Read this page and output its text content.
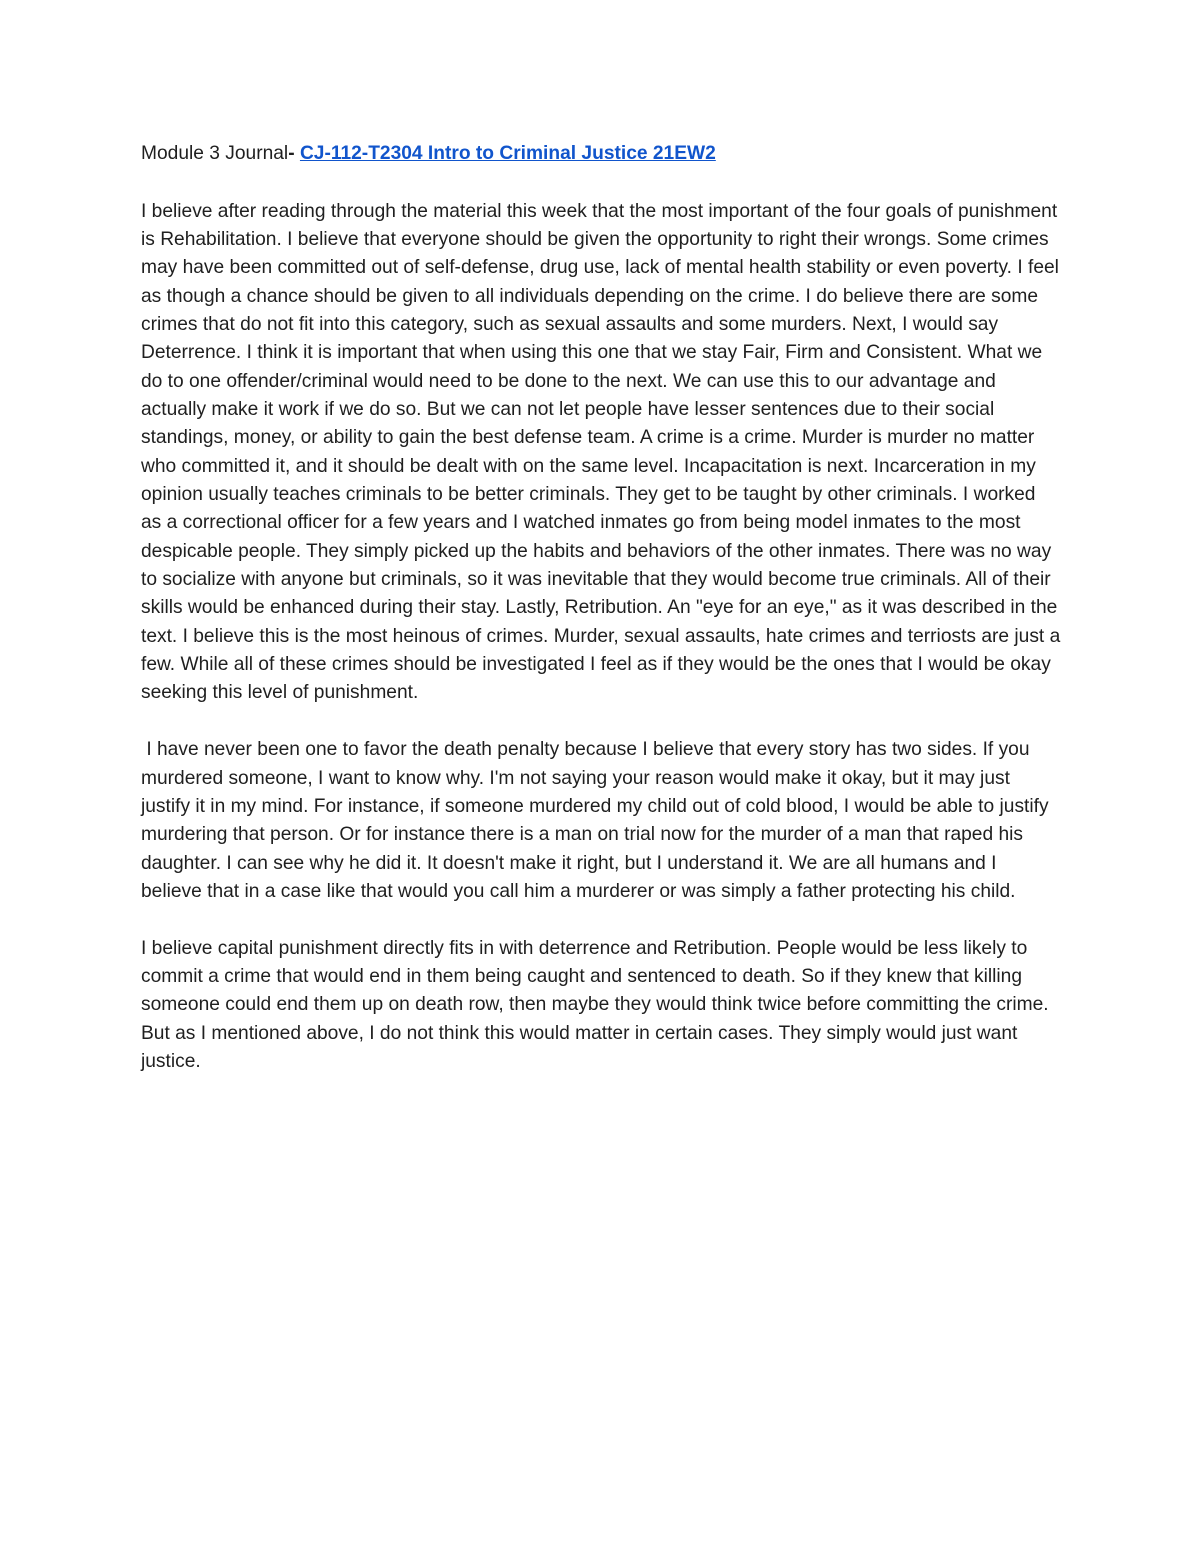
Module 3 Journal- CJ-112-T2304 Intro to Criminal Justice 21EW2

I believe after reading through the material this week that the most important of the four goals of punishment is Rehabilitation. I believe that everyone should be given the opportunity to right their wrongs. Some crimes may have been committed out of self-defense, drug use, lack of mental health stability or even poverty. I feel as though a chance should be given to all individuals depending on the crime. I do believe there are some crimes that do not fit into this category, such as sexual assaults and some murders. Next, I would say Deterrence. I think it is important that when using this one that we stay Fair, Firm and Consistent. What we do to one offender/criminal would need to be done to the next. We can use this to our advantage and actually make it work if we do so. But we can not let people have lesser sentences due to their social standings, money, or ability to gain the best defense team. A crime is a crime. Murder is murder no matter who committed it, and it should be dealt with on the same level. Incapacitation is next. Incarceration in my opinion usually teaches criminals to be better criminals. They get to be taught by other criminals. I worked as a correctional officer for a few years and I watched inmates go from being model inmates to the most despicable people. They simply picked up the habits and behaviors of the other inmates. There was no way to socialize with anyone but criminals, so it was inevitable that they would become true criminals. All of their skills would be enhanced during their stay. Lastly, Retribution. An "eye for an eye," as it was described in the text. I believe this is the most heinous of crimes. Murder, sexual assaults, hate crimes and terriosts are just a few. While all of these crimes should be investigated I feel as if they would be the ones that I would be okay seeking this level of punishment.

I have never been one to favor the death penalty because I believe that every story has two sides. If you murdered someone, I want to know why. I'm not saying your reason would make it okay, but it may just justify it in my mind. For instance, if someone murdered my child out of cold blood, I would be able to justify murdering that person. Or for instance there is a man on trial now for the murder of a man that raped his daughter. I can see why he did it. It doesn't make it right, but I understand it. We are all humans and I believe that in a case like that would you call him a murderer or was simply a father protecting his child.

I believe capital punishment directly fits in with deterrence and Retribution. People would be less likely to commit a crime that would end in them being caught and sentenced to death. So if they knew that killing someone could end them up on death row, then maybe they would think twice before committing the crime. But as I mentioned above, I do not think this would matter in certain cases. They simply would just want justice.
